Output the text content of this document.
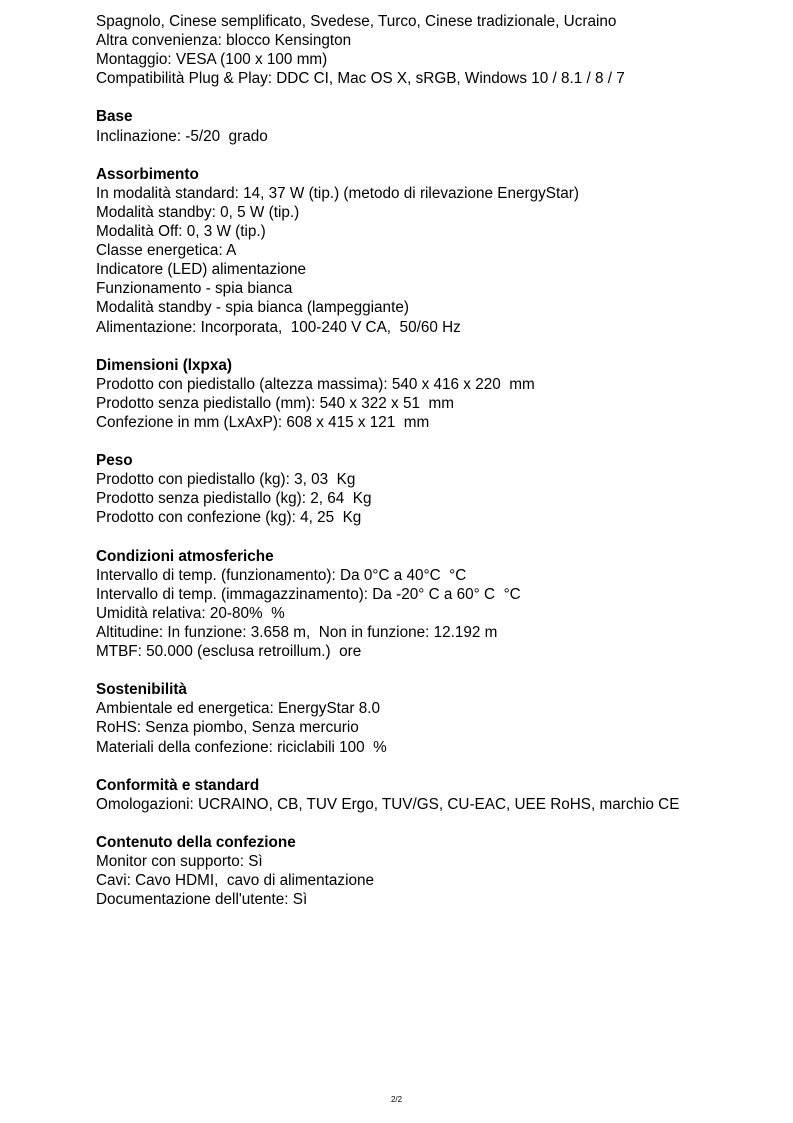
Spagnolo, Cinese semplificato, Svedese, Turco, Cinese tradizionale, Ucraino
Altra convenienza: blocco Kensington
Montaggio: VESA (100 x 100 mm)
Compatibilità Plug & Play: DDC CI, Mac OS X, sRGB, Windows 10 / 8.1 / 8 / 7
Base
Inclinazione: -5/20  grado
Assorbimento
In modalità standard: 14, 37 W (tip.) (metodo di rilevazione EnergyStar)
Modalità standby: 0, 5 W (tip.)
Modalità Off: 0, 3 W (tip.)
Classe energetica: A
Indicatore (LED) alimentazione
Funzionamento - spia bianca
Modalità standby - spia bianca (lampeggiante)
Alimentazione: Incorporata,  100-240 V CA,  50/60 Hz
Dimensioni (lxpxa)
Prodotto con piedistallo (altezza massima): 540 x 416 x 220  mm
Prodotto senza piedistallo (mm): 540 x 322 x 51  mm
Confezione in mm (LxAxP): 608 x 415 x 121  mm
Peso
Prodotto con piedistallo (kg): 3, 03  Kg
Prodotto senza piedistallo (kg): 2, 64  Kg
Prodotto con confezione (kg): 4, 25  Kg
Condizioni atmosferiche
Intervallo di temp. (funzionamento): Da 0°C a 40°C  °C
Intervallo di temp. (immagazzinamento): Da -20° C a 60° C  °C
Umidità relativa: 20-80%  %
Altitudine: In funzione: 3.658 m,  Non in funzione: 12.192 m
MTBF: 50.000 (esclusa retroillum.)  ore
Sostenibilità
Ambientale ed energetica: EnergyStar 8.0
RoHS: Senza piombo, Senza mercurio
Materiali della confezione: riciclabili 100  %
Conformità e standard
Omologazioni: UCRAINO, CB, TUV Ergo, TUV/GS, CU-EAC, UEE RoHS, marchio CE
Contenuto della confezione
Monitor con supporto: Sì
Cavi: Cavo HDMI,  cavo di alimentazione
Documentazione dell'utente: Sì
2/2
